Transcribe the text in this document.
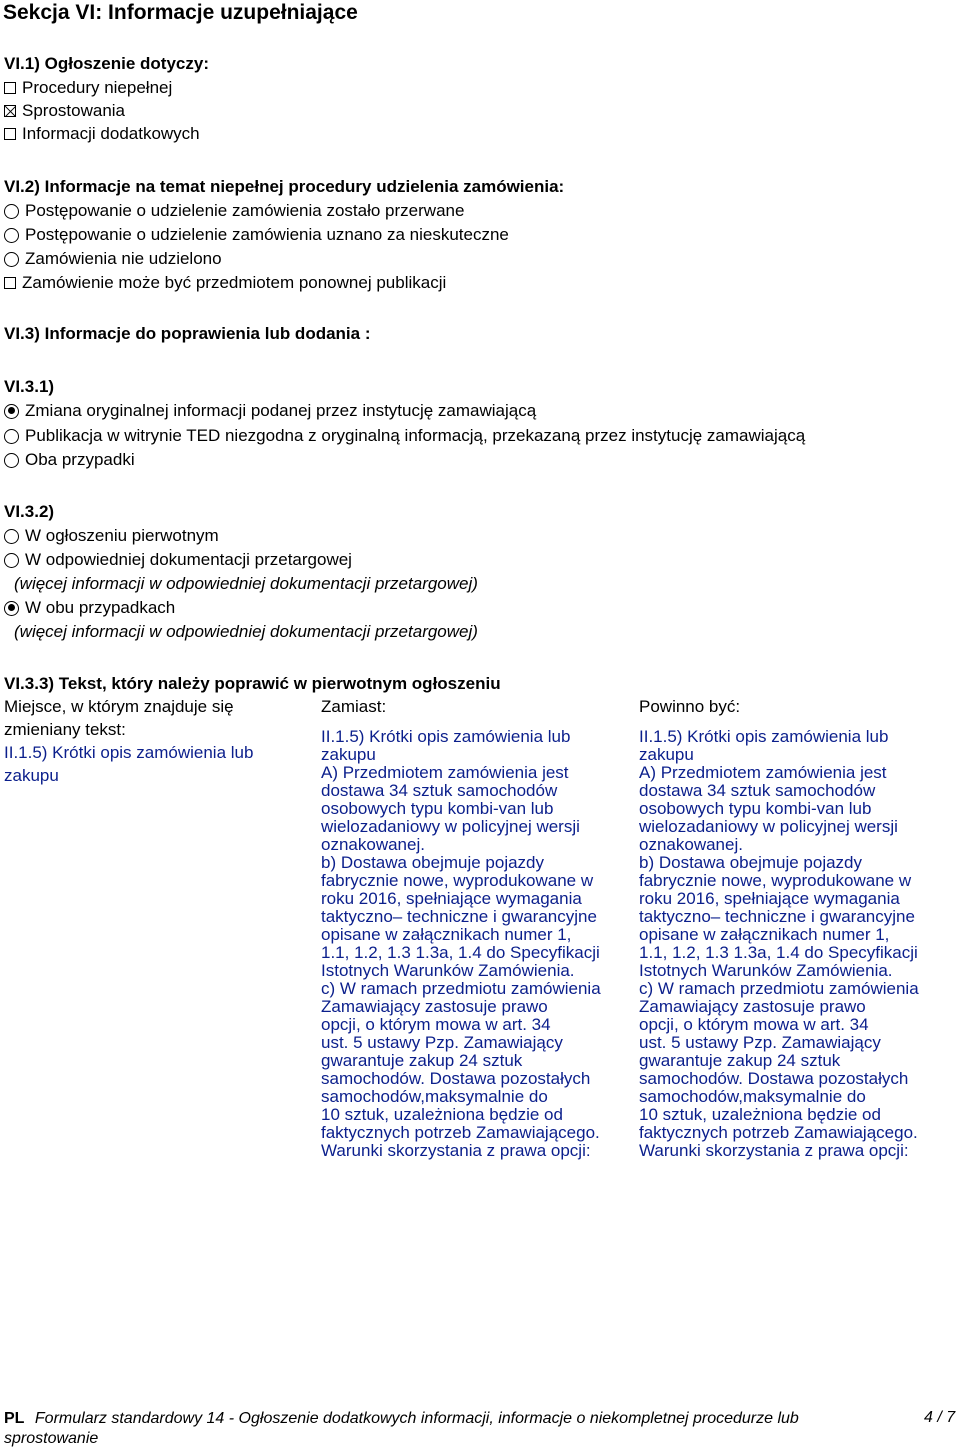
Sekcja VI: Informacje uzupełniające
VI.1) Ogłoszenie dotyczy:
Procedury niepełnej
Sprostowania
Informacji dodatkowych
VI.2) Informacje na temat niepełnej procedury udzielenia zamówienia:
Postępowanie o udzielenie zamówienia zostało przerwane
Postępowanie o udzielenie zamówienia uznano za nieskuteczne
Zamówienia nie udzielono
Zamówienie może być przedmiotem ponownej publikacji
VI.3) Informacje do poprawienia lub dodania :
VI.3.1)
Zmiana oryginalnej informacji podanej przez instytucję zamawiającą
Publikacja w witrynie TED niezgodna z oryginalną informacją, przekazaną przez instytucję zamawiającą
Oba przypadki
VI.3.2)
W ogłoszeniu pierwotnym
W odpowiedniej dokumentacji przetargowej
(więcej informacji w odpowiedniej dokumentacji przetargowej)
W obu przypadkach
(więcej informacji w odpowiedniej dokumentacji przetargowej)
VI.3.3) Tekst, który należy poprawić w pierwotnym ogłoszeniu
Miejsce, w którym znajduje się
zmieniany tekst:
II.1.5) Krótki opis zamówienia lub
zakupu
Zamiast:	Powinno być:
II.1.5) Krótki opis zamówienia lub
zakupu
A) Przedmiotem zamówienia jest
dostawa 34 sztuk samochodów
osobowych typu kombi-van lub
wielozadaniowy w policyjnej wersji
oznakowanej.
b) Dostawa obejmuje pojazdy
fabrycznie nowe, wyprodukowane w
roku 2016, spełniające wymagania
taktyczno– techniczne i gwarancyjne
opisane w załącznikach numer 1,
1.1, 1.2, 1.3 1.3a, 1.4 do Specyfikacji
Istotnych Warunków Zamówienia.
c) W ramach przedmiotu zamówienia
Zamawiający zastosuje prawo
opcji, o którym mowa w art. 34
ust. 5 ustawy Pzp. Zamawiający
gwarantuje zakup 24 sztuk
samochodów. Dostawa pozostałych
samochodów,maksymalnie do
10 sztuk, uzależniona będzie od
faktycznych potrzeb Zamawiającego.
Warunki skorzystania z prawa opcji:
II.1.5) Krótki opis zamówienia lub
zakupu
A) Przedmiotem zamówienia jest
dostawa 34 sztuk samochodów
osobowych typu kombi-van lub
wielozadaniowy w policyjnej wersji
oznakowanej.
b) Dostawa obejmuje pojazdy
fabrycznie nowe, wyprodukowane w
roku 2016, spełniające wymagania
taktyczno– techniczne i gwarancyjne
opisane w załącznikach numer 1,
1.1, 1.2, 1.3 1.3a, 1.4 do Specyfikacji
Istotnych Warunków Zamówienia.
c) W ramach przedmiotu zamówienia
Zamawiający zastosuje prawo
opcji, o którym mowa w art. 34
ust. 5 ustawy Pzp. Zamawiający
gwarantuje zakup 24 sztuk
samochodów. Dostawa pozostałych
samochodów,maksymalnie do
10 sztuk, uzależniona będzie od
faktycznych potrzeb Zamawiającego.
Warunki skorzystania z prawa opcji:
PL Formularz standardowy 14 - Ogłoszenie dodatkowych informacji, informacje o niekompletnej procedurze lub
sprostowanie
4 / 7
